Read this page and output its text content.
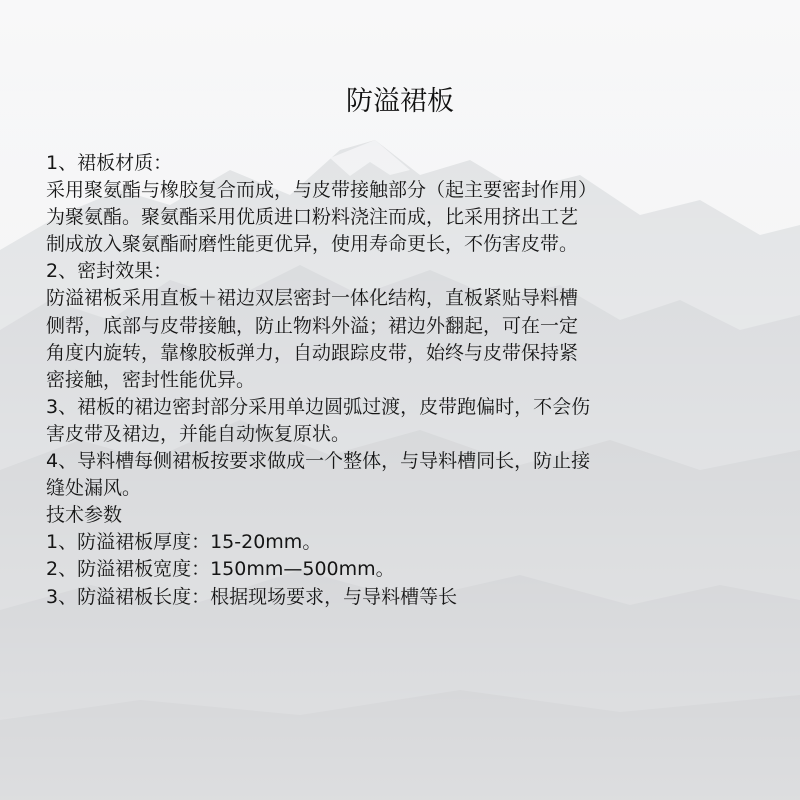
防溢裙板

1、裙板材质：

采用聚氨酯与橡胶复合而成，与皮带接触部分（起主要密封作用）

为聚氨酯。聚氨酯采用优质进口粉料浇注而成，比采用挤出工艺

制成放入聚氨酯耐磨性能更优异，使用寿命更长，不伤害皮带。

2、密封效果：

防溢裙板采用直板＋裙边双层密封一体化结构，直板紧贴导料槽

侧帮，底部与皮带接触，防止物料外溢；裙边外翻起，可在一定

角度内旋转，靠橡胶板弹力，自动跟踪皮带，始终与皮带保持紧

密接触，密封性能优异。

3、裙板的裙边密封部分采用单边圆弧过渡，皮带跑偏时，不会伤

害皮带及裙边，并能自动恢复原状。

4、导料槽每侧裙板按要求做成一个整体，与导料槽同长，防止接

缝处漏风。

技术参数

1、防溢裙板厚度：15-20mm。

2、防溢裙板宽度：150mm—500mm。

3、防溢裙板长度：根据现场要求，与导料槽等长
